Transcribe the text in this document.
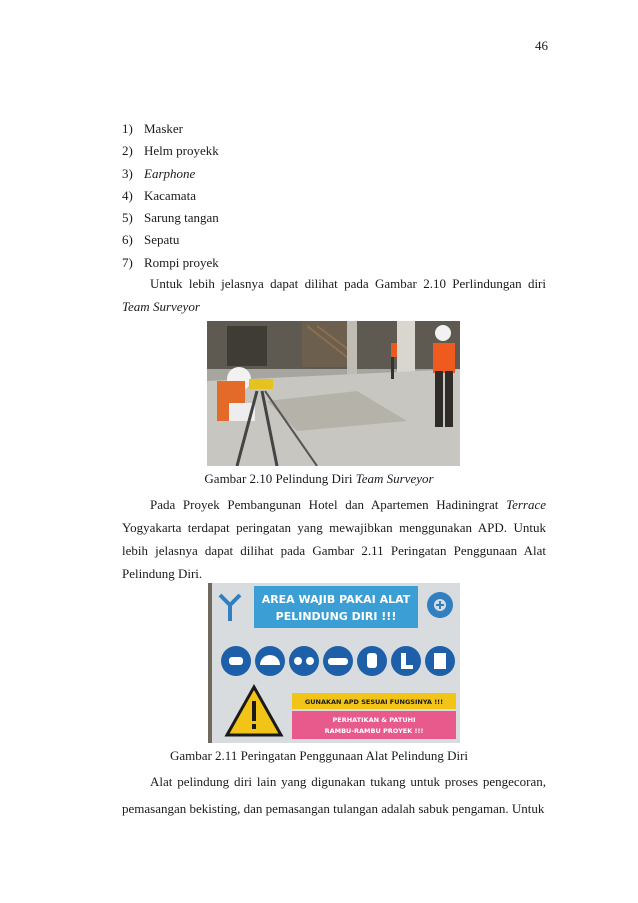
46
1) Masker
2) Helm proyekk
3) Earphone
4) Kacamata
5) Sarung tangan
6) Sepatu
7) Rompi proyek

Untuk lebih jelasnya dapat dilihat pada Gambar 2.10 Perlindungan diri Team Surveyor

Gambar 2.10 Pelindung Diri Team Surveyor

Pada Proyek Pembangunan Hotel dan Apartemen Hadiningrat Terrace Yogyakarta terdapat peringatan yang mewajibkan menggunakan APD. Untuk lebih jelasnya dapat dilihat pada Gambar 2.11 Peringatan Penggunaan Alat Pelindung Diri.

AREA WAJIB PAKAI ALAT
PELINDUNG DIRI !!!
GUNAKAN APD SESUAI FUNGSINYA !!!
PERHATIKAN & PATUHI
RAMBU-RAMBU PROYEK !!!
Gambar 2.11 Peringatan Penggunaan Alat Pelindung Diri

Alat pelindung diri lain yang digunakan tukang untuk proses pengecoran, pemasangan bekisting, dan pemasangan tulangan adalah sabuk pengaman. Untuk
